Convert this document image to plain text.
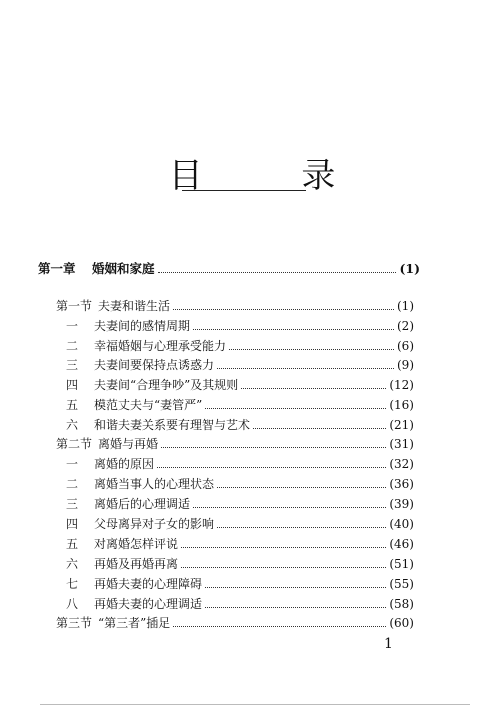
目 录
第一章	婚姻和家庭	(1)
第一节 夫妻和谐生活	(1)
一	夫妻间的感情周期	(2)
二	幸福婚姻与心理承受能力	(6)
三	夫妻间要保持点诱惑力	(9)
四	夫妻间“合理争吵”及其规则	(12)
五	模范丈夫与“妻管严”	(16)
六	和谐夫妻关系要有理智与艺术	(21)
第二节 离婚与再婚	(31)
一	离婚的原因	(32)
二	离婚当事人的心理状态	(36)
三	离婚后的心理调适	(39)
四	父母离异对子女的影响	(40)
五	对离婚怎样评说	(46)
六	再婚及再婚再离	(51)
七	再婚夫妻的心理障碍	(55)
八	再婚夫妻的心理调适	(58)
第三节 “第三者”插足	(60)
1
